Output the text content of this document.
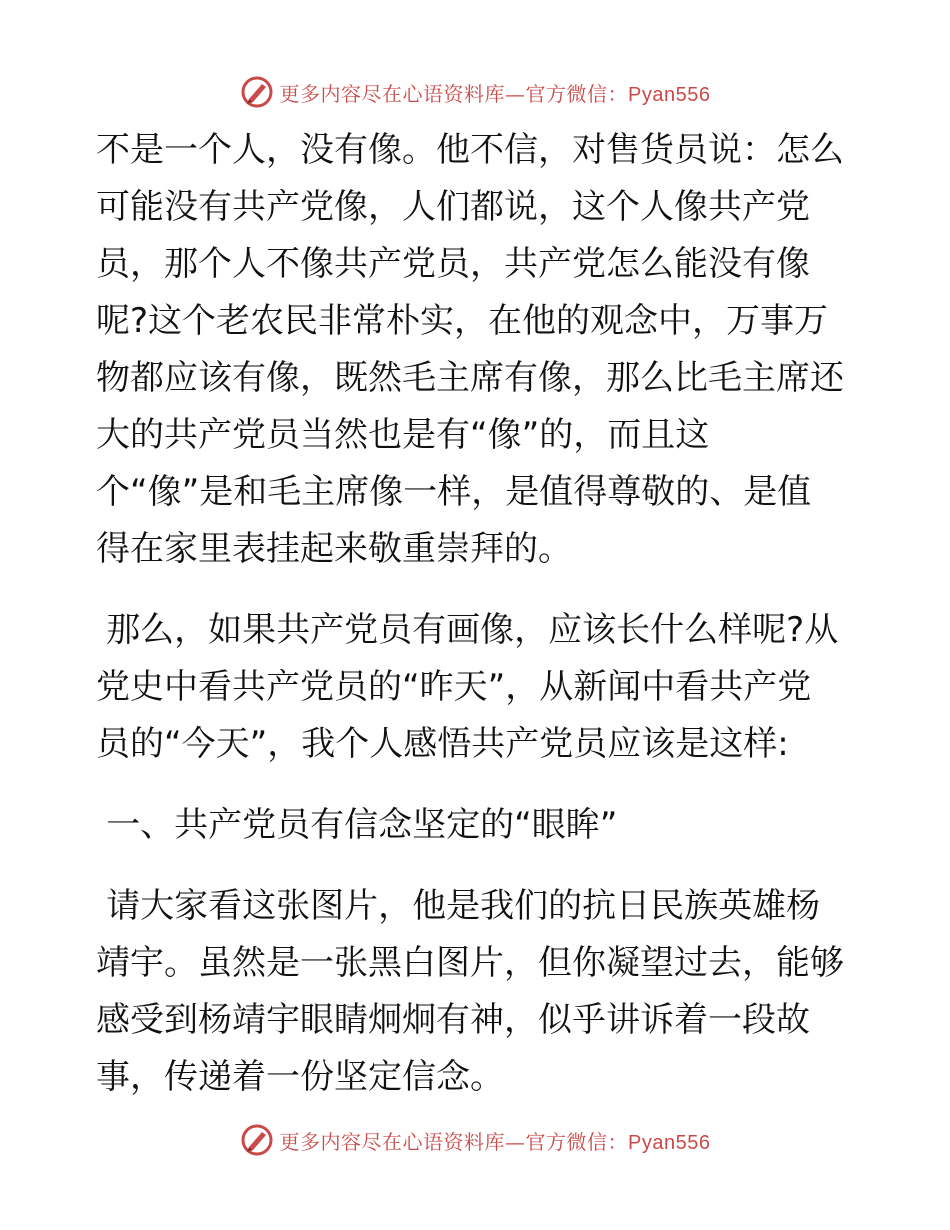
更多内容尽在心语资料库—官方微信：Pyan556

不是一个人，没有像。他不信，对售货员说：怎么
可能没有共产党像，人们都说，这个人像共产党
员，那个人不像共产党员，共产党怎么能没有像
呢?这个老农民非常朴实，在他的观念中，万事万
物都应该有像，既然毛主席有像，那么比毛主席还
大的共产党员当然也是有“像”的，而且这
个“像”是和毛主席像一样，是值得尊敬的、是值
得在家里表挂起来敬重崇拜的。

那么，如果共产党员有画像，应该长什么样呢?从
党史中看共产党员的“昨天”，从新闻中看共产党
员的“今天”，我个人感悟共产党员应该是这样:

一、共产党员有信念坚定的“眼眸”

请大家看这张图片，他是我们的抗日民族英雄杨
靖宇。虽然是一张黑白图片，但你凝望过去，能够
感受到杨靖宇眼睛炯炯有神，似乎讲诉着一段故
事，传递着一份坚定信念。

更多内容尽在心语资料库—官方微信：Pyan556
